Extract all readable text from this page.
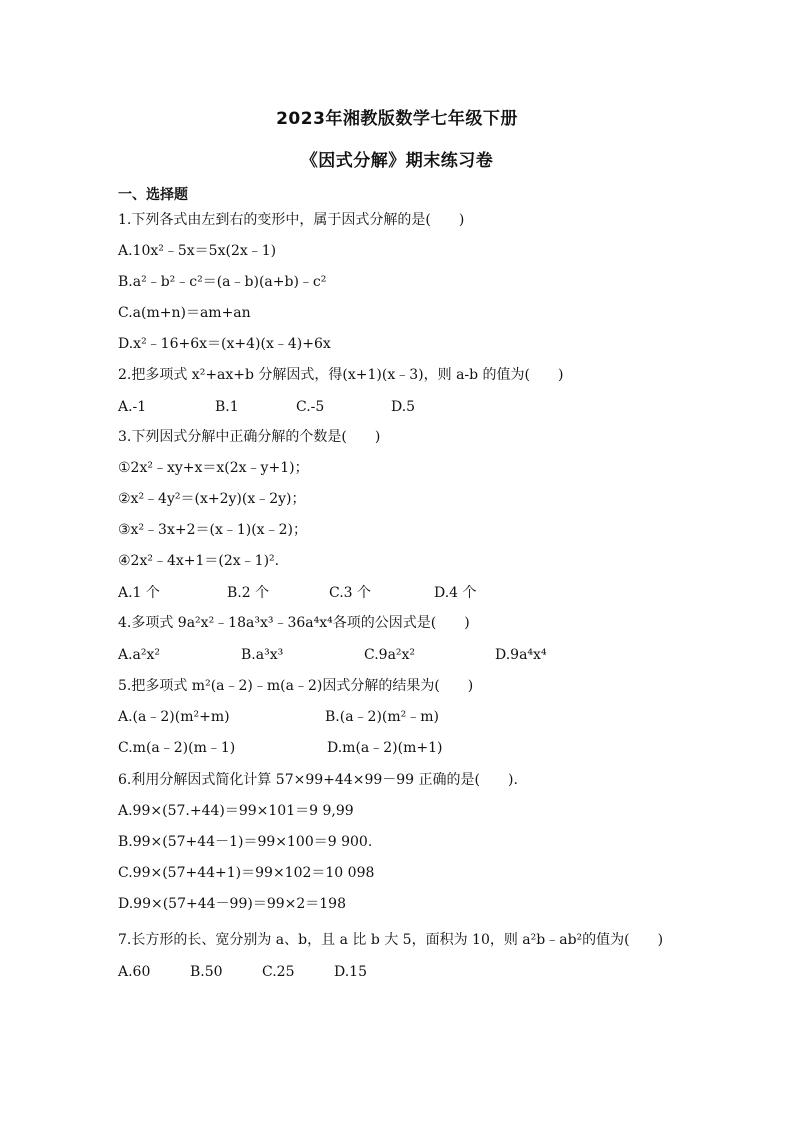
2023年湘教版数学七年级下册
《因式分解》期末练习卷
一、选择题
1.下列各式由左到右的变形中，属于因式分解的是(　　)
A.10x²﹣5x＝5x(2x﹣1)
B.a²﹣b²﹣c²＝(a﹣b)(a+b)﹣c²
C.a(m+n)＝am+an
D.x²﹣16+6x＝(x+4)(x﹣4)+6x
2.把多项式 x²+ax+b 分解因式，得(x+1)(x﹣3)，则 a-b 的值为(　　)
A.-1	B.1	C.-5	D.5
3.下列因式分解中正确分解的个数是(　　)
①2x²﹣xy+x＝x(2x﹣y+1)；
②x²﹣4y²＝(x+2y)(x﹣2y)；
③x²﹣3x+2＝(x﹣1)(x﹣2)；
④2x²﹣4x+1＝(2x﹣1)².
A.1 个	B.2 个	C.3 个	D.4 个
4.多项式 9a²x²﹣18a³x³﹣36a⁴x⁴各项的公因式是(　　)
A.a²x²	B.a³x³	C.9a²x²	D.9a⁴x⁴
5.把多项式 m²(a﹣2)﹣m(a﹣2)因式分解的结果为(　　)
A.(a﹣2)(m²+m)	B.(a﹣2)(m²﹣m)
C.m(a﹣2)(m﹣1)	D.m(a﹣2)(m+1)
6.利用分解因式简化计算 57×99+44×99－99 正确的是(　　).
A.99×(57.+44)＝99×101＝9 9,99
B.99×(57+44－1)＝99×100＝9 900.
C.99×(57+44+1)＝99×102＝10 098
D.99×(57+44－99)＝99×2＝198
7.长方形的长、宽分别为 a、b，且 a 比 b 大 5，面积为 10，则 a²b﹣ab²的值为(　　)
A.60	B.50	C.25	D.15
